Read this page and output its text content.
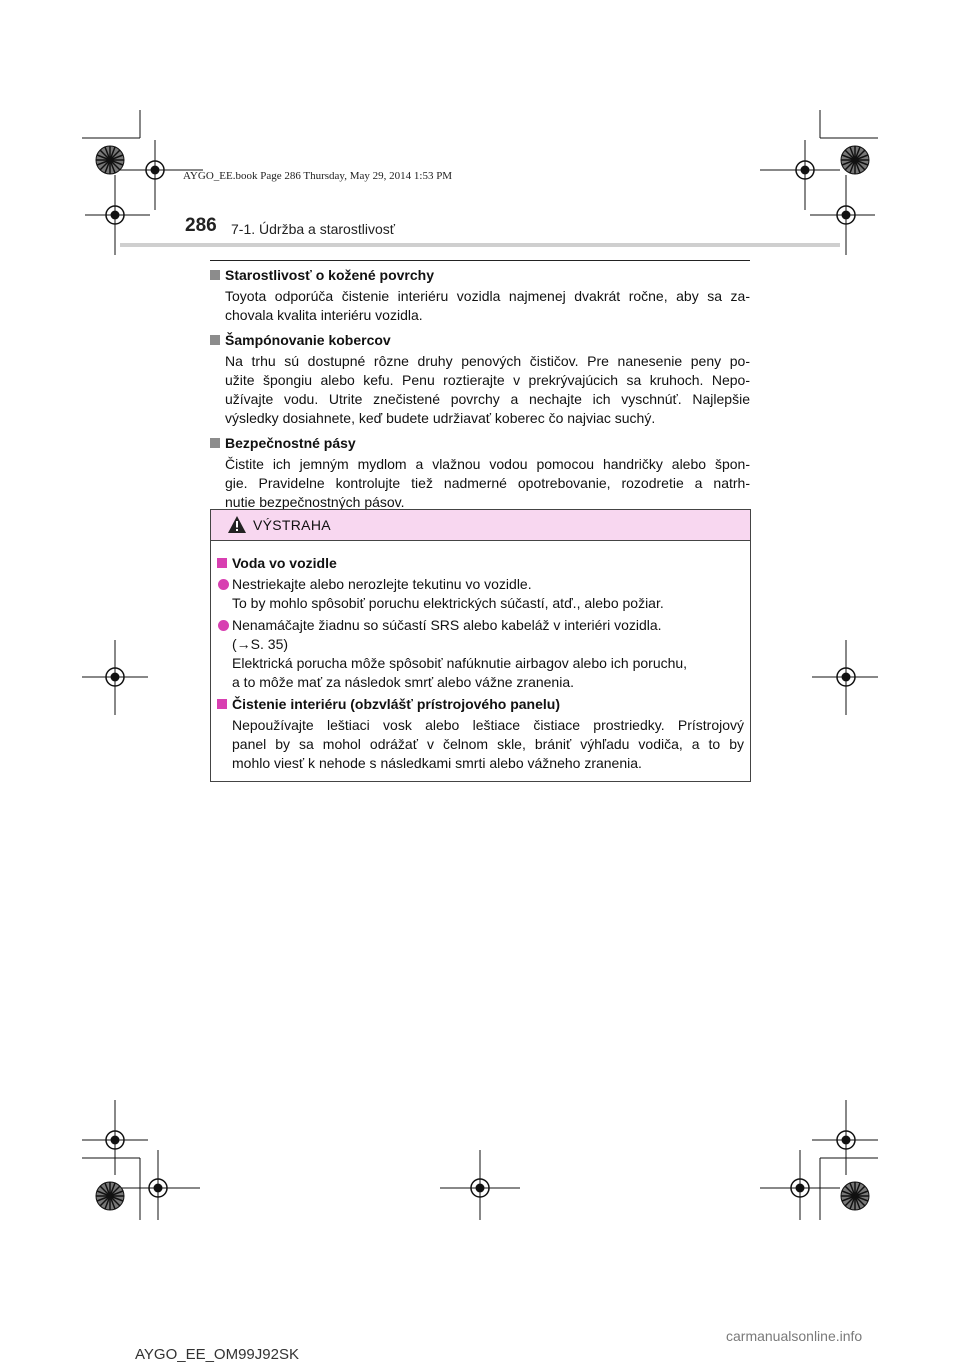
AYGO_EE.book Page 286 Thursday, May 29, 2014 1:53 PM
286 7-1. Údržba a starostlivosť
Starostlivosť o kožené povrchy
Toyota odporúča čistenie interiéru vozidla najmenej dvakrát ročne, aby sa za-
chovala kvalita interiéru vozidla.
Šampónovanie kobercov
Na trhu sú dostupné rôzne druhy penových čističov. Pre nanesenie peny po-
užite špongiu alebo kefu. Penu roztierajte v prekrývajúcich sa kruhoch. Nepo-
užívajte vodu. Utrite znečistené povrchy a nechajte ich vyschnúť. Najlepšie
výsledky dosiahnete, keď budete udržiavať koberec čo najviac suchý.
Bezpečnostné pásy
Čistite ich jemným mydlom a vlažnou vodou pomocou handričky alebo špon-
gie. Pravidelne kontrolujte tiež nadmerné opotrebovanie, rozodretie a natrh-
nutie bezpečnostných pásov.
VÝSTRAHA
Voda vo vozidle
Nestriekajte alebo nerozlejte tekutinu vo vozidle.
To by mohlo spôsobiť poruchu elektrických súčastí, atď., alebo požiar.
Nenamáčajte žiadnu so súčastí SRS alebo kabeláž v interiéri vozidla.
(→S. 35)
Elektrická porucha môže spôsobiť nafúknutie airbagov alebo ich poruchu,
a to môže mať za následok smrť alebo vážne zranenia.
Čistenie interiéru (obzvlášť prístrojového panelu)
Nepoužívajte leštiaci vosk alebo leštiace čistiace prostriedky. Prístrojový
panel by sa mohol odrážať v čelnom skle, brániť výhľadu vodiča, a to by
mohlo viesť k nehode s následkami smrti alebo vážneho zranenia.
AYGO_EE_OM99J92SK
carmanualsonline.info
